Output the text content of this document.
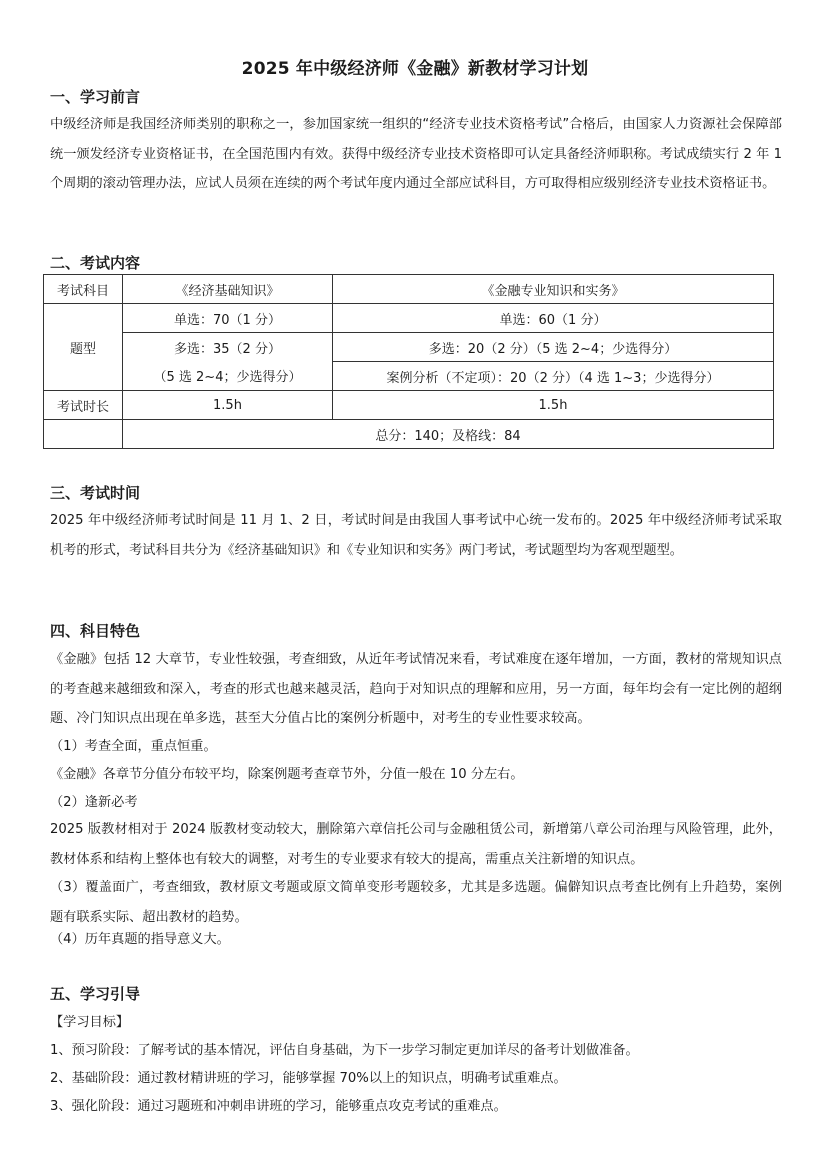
2025 年中级经济师《金融》新教材学习计划
一、学习前言
中级经济师是我国经济师类别的职称之一，参加国家统一组织的“经济专业技术资格考试”合格后，由国家人力资源社会保障部统一颁发经济专业资格证书，在全国范围内有效。获得中级经济专业技术资格即可认定具备经济师职称。考试成绩实行 2 年 1 个周期的滚动管理办法，应试人员须在连续的两个考试年度内通过全部应试科目，方可取得相应级别经济专业技术资格证书。
二、考试内容
考试科目	《经济基础知识》	《金融专业知识和实务》
题型	单选：70（1 分）	单选：60（1 分）
	多选：35（2 分）	多选：20（2 分）（5 选 2~4；少选得分）
	（5 选 2~4；少选得分）	案例分析（不定项）：20（2 分）（4 选 1~3；少选得分）
考试时长	1.5h	1.5h
	总分：140；及格线：84	
三、考试时间
2025 年中级经济师考试时间是 11 月 1、2 日，考试时间是由我国人事考试中心统一发布的。2025 年中级经济师考试采取机考的形式，考试科目共分为《经济基础知识》和《专业知识和实务》两门考试，考试题型均为客观型题型。
四、科目特色
《金融》包括 12 大章节，专业性较强，考查细致，从近年考试情况来看，考试难度在逐年增加，一方面，教材的常规知识点的考查越来越细致和深入，考查的形式也越来越灵活，趋向于对知识点的理解和应用，另一方面，每年均会有一定比例的超纲题、冷门知识点出现在单多选，甚至大分值占比的案例分析题中，对考生的专业性要求较高。
（1）考查全面，重点恒重。
《金融》各章节分值分布较平均，除案例题考查章节外，分值一般在 10 分左右。
（2）逢新必考
2025 版教材相对于 2024 版教材变动较大，删除第六章信托公司与金融租赁公司，新增第八章公司治理与风险管理，此外，教材体系和结构上整体也有较大的调整，对考生的专业要求有较大的提高，需重点关注新增的知识点。
（3）覆盖面广，考查细致，教材原文考题或原文简单变形考题较多，尤其是多选题。偏僻知识点考查比例有上升趋势，案例题有联系实际、超出教材的趋势。
（4）历年真题的指导意义大。
五、学习引导
【学习目标】
1、预习阶段：了解考试的基本情况，评估自身基础，为下一步学习制定更加详尽的备考计划做准备。
2、基础阶段：通过教材精讲班的学习，能够掌握 70%以上的知识点，明确考试重难点。
3、强化阶段：通过习题班和冲刺串讲班的学习，能够重点攻克考试的重难点。
